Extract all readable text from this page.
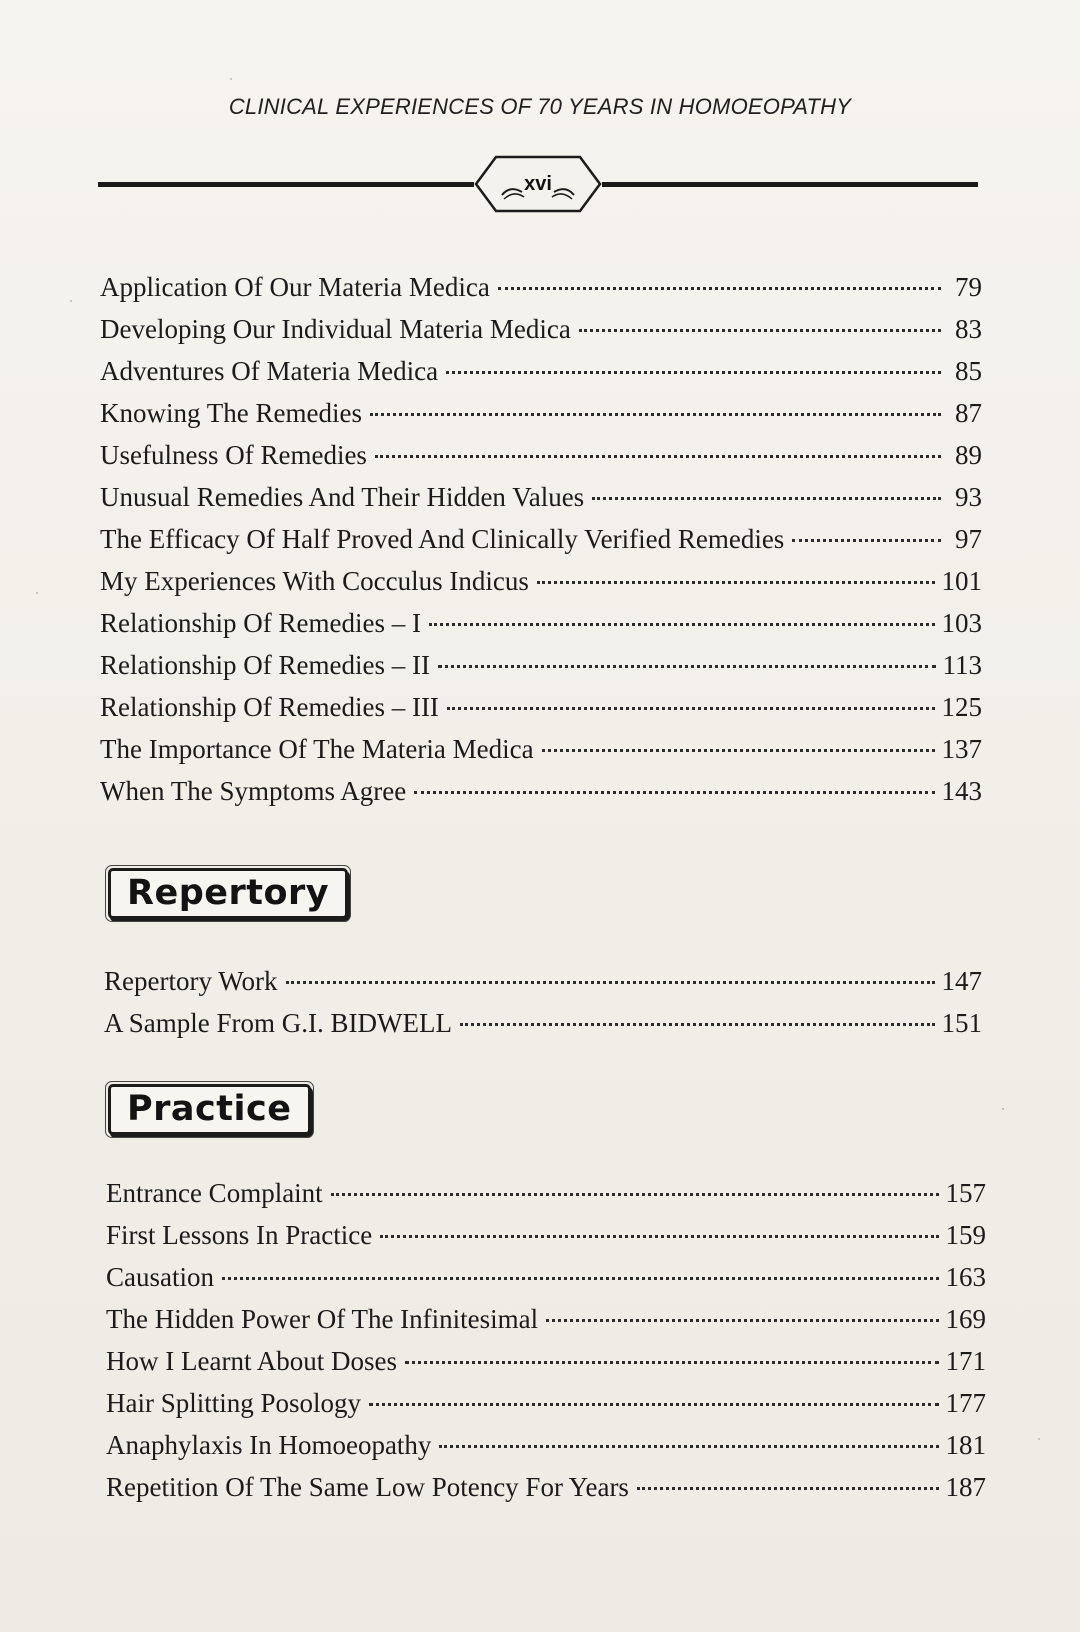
CLINICAL EXPERIENCES OF 70 YEARS IN HOMOEOPATHY
xvi
Application Of Our Materia Medica	79
Developing Our Individual Materia Medica	83
Adventures Of Materia Medica	85
Knowing The Remedies	87
Usefulness Of Remedies	89
Unusual Remedies And Their Hidden Values	93
The Efficacy Of Half Proved And Clinically Verified Remedies	97
My Experiences With Cocculus Indicus	101
Relationship Of Remedies – I	103
Relationship Of Remedies – II	113
Relationship Of Remedies – III	125
The Importance Of The Materia Medica	137
When The Symptoms Agree	143
Repertory
Repertory Work	147
A Sample From G.I. BIDWELL	151
Practice
Entrance Complaint	157
First Lessons In Practice	159
Causation	163
The Hidden Power Of The Infinitesimal	169
How I Learnt About Doses	171
Hair Splitting Posology	177
Anaphylaxis In Homoeopathy	181
Repetition Of The Same Low Potency For Years	187
